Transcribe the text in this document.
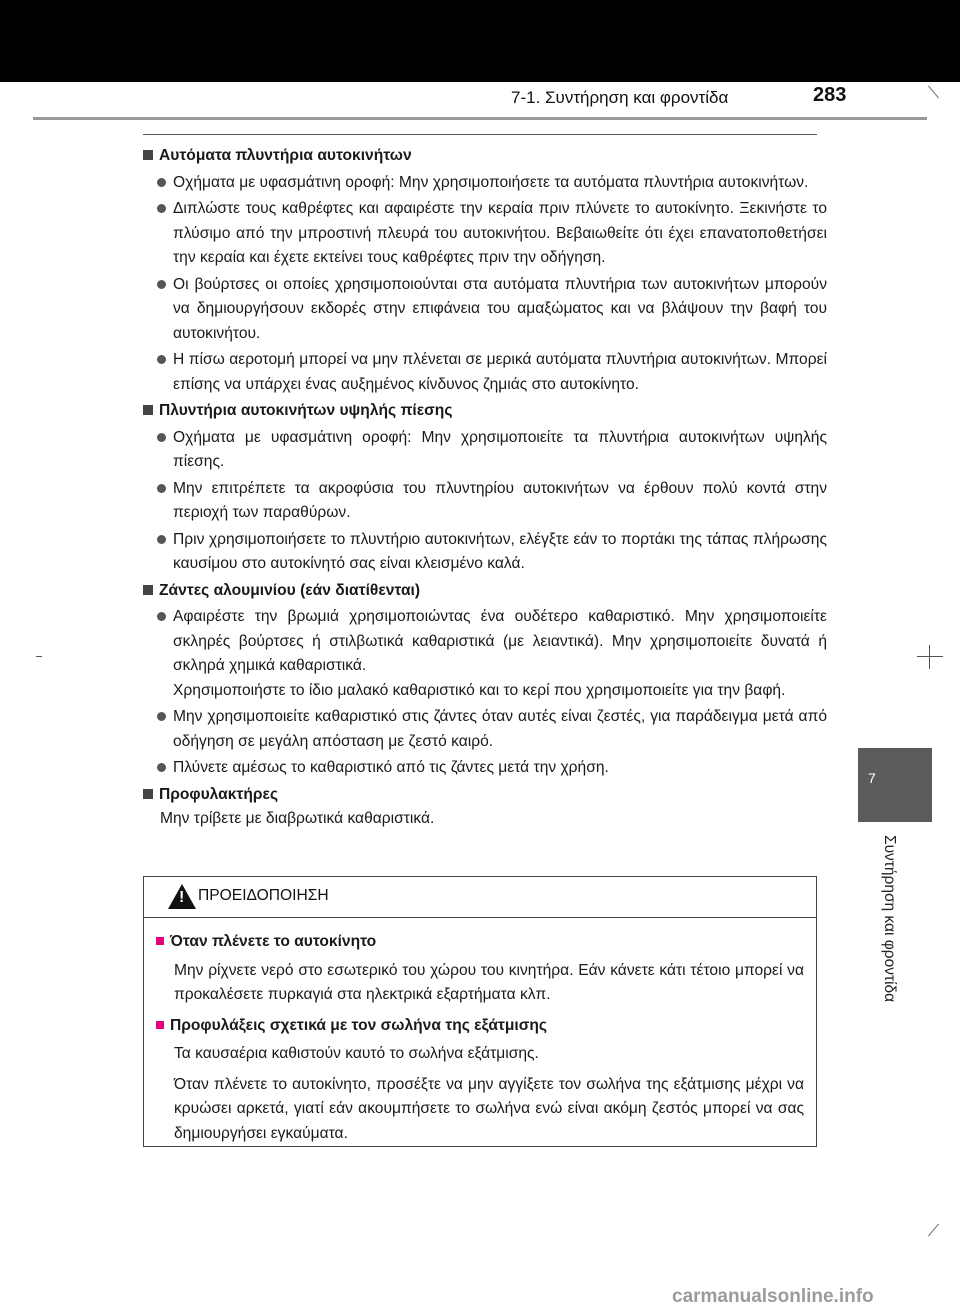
7-1. Συντήρηση και φροντίδα	283
Αυτόματα πλυντήρια αυτοκινήτων
Οχήματα με υφασμάτινη οροφή: Μην χρησιμοποιήσετε τα αυτόματα πλυντήρια αυτοκινήτων.
Διπλώστε τους καθρέφτες και αφαιρέστε την κεραία πριν πλύνετε το αυτοκίνητο. Ξεκινήστε το πλύσιμο από την μπροστινή πλευρά του αυτοκινήτου. Βεβαιωθείτε ότι έχει επανατοποθετήσει την κεραία και έχετε εκτείνει τους καθρέφτες πριν την οδήγηση.
Οι βούρτσες οι οποίες χρησιμοποιούνται στα αυτόματα πλυντήρια των αυτοκινήτων μπορούν να δημιουργήσουν εκδορές στην επιφάνεια του αμαξώματος και να βλάψουν την βαφή του αυτοκινήτου.
Η πίσω αεροτομή μπορεί να μην πλένεται σε μερικά αυτόματα πλυντήρια αυτοκινήτων. Μπορεί επίσης να υπάρχει ένας αυξημένος κίνδυνος ζημιάς στο αυτοκίνητο.
Πλυντήρια αυτοκινήτων υψηλής πίεσης
Οχήματα με υφασμάτινη οροφή: Μην χρησιμοποιείτε τα πλυντήρια αυτοκινήτων υψηλής πίεσης.
Μην επιτρέπετε τα ακροφύσια του πλυντηρίου αυτοκινήτων να έρθουν πολύ κοντά στην περιοχή των παραθύρων.
Πριν χρησιμοποιήσετε το πλυντήριο αυτοκινήτων, ελέγξτε εάν το πορτάκι της τάπας πλήρωσης καυσίμου στο αυτοκίνητό σας είναι κλεισμένο καλά.
Ζάντες αλουμινίου (εάν διατίθενται)
Αφαιρέστε την βρωμιά χρησιμοποιώντας ένα ουδέτερο καθαριστικό. Μην χρησιμοποιείτε σκληρές βούρτσες ή στιλβωτικά καθαριστικά (με λειαντικά). Μην χρησιμοποιείτε δυνατά ή σκληρά χημικά καθαριστικά.
Χρησιμοποιήστε το ίδιο μαλακό καθαριστικό και το κερί που χρησιμοποιείτε για την βαφή.
Μην χρησιμοποιείτε καθαριστικό στις ζάντες όταν αυτές είναι ζεστές, για παράδειγμα μετά από οδήγηση σε μεγάλη απόσταση με ζεστό καιρό.
Πλύνετε αμέσως το καθαριστικό από τις ζάντες μετά την χρήση.
Προφυλακτήρες
Μην τρίβετε με διαβρωτικά καθαριστικά.
!
ΠΡΟΕΙΔΟΠΟΙΗΣΗ
Όταν πλένετε το αυτοκίνητο
Μην ρίχνετε νερό στο εσωτερικό του χώρου του κινητήρα. Εάν κάνετε κάτι τέτοιο μπορεί να προκαλέσετε πυρκαγιά στα ηλεκτρικά εξαρτήματα κλπ.
Προφυλάξεις σχετικά με τον σωλήνα της εξάτμισης
Τα καυσαέρια καθιστούν καυτό το σωλήνα εξάτμισης.
Όταν πλένετε το αυτοκίνητο, προσέξτε να μην αγγίξετε τον σωλήνα της εξάτμισης μέχρι να κρυώσει αρκετά, γιατί εάν ακουμπήσετε το σωλήνα ενώ είναι ακόμη ζεστός μπορεί να σας δημιουργήσει εγκαύματα.
7
Συντήρηση και φροντίδα
carmanualsonline.info
